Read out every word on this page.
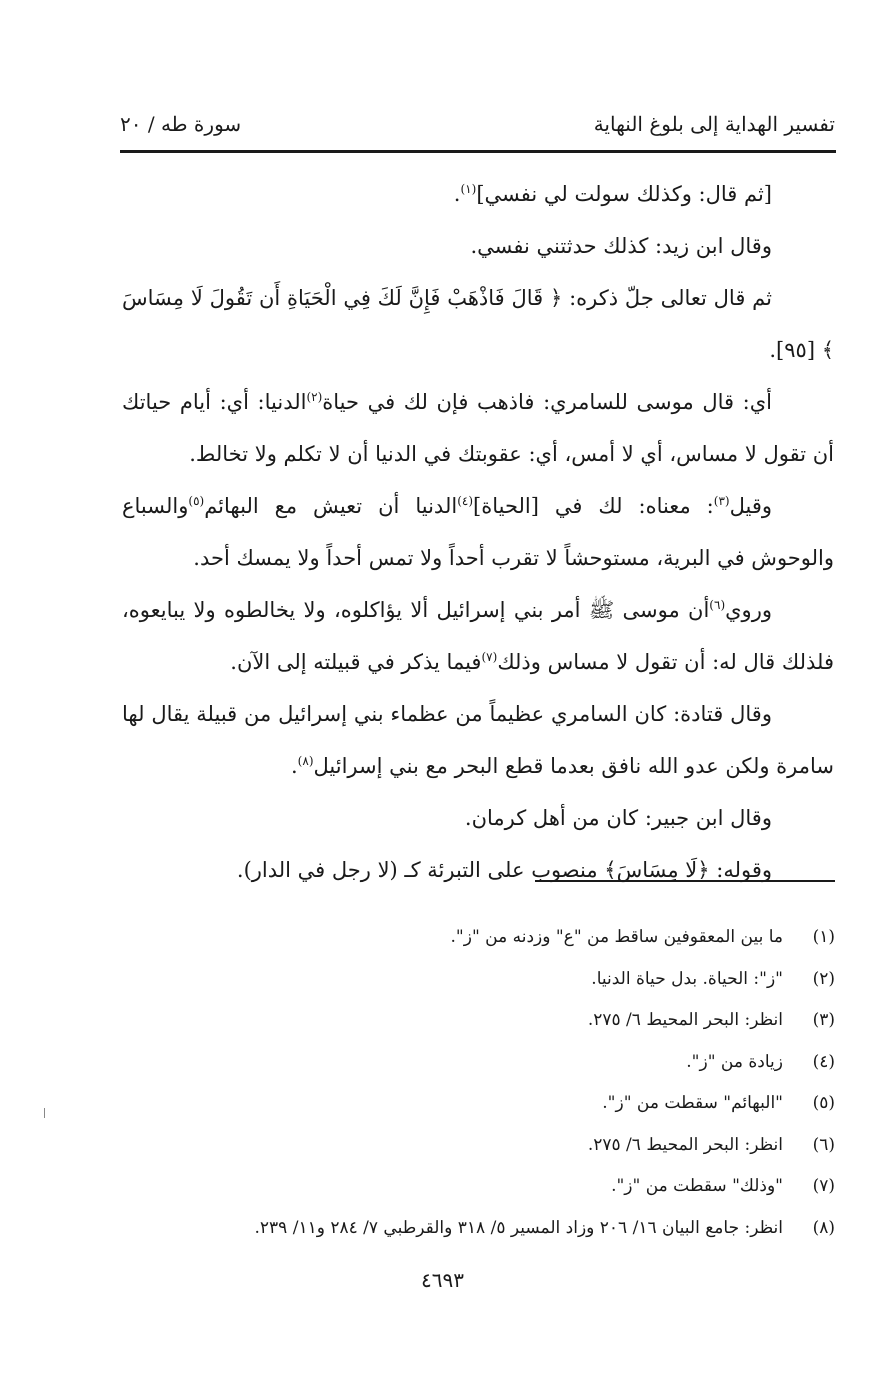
تفسير الهداية إلى بلوغ النهاية
سورة طه / ٢٠

[ثم قال: وكذلك سولت لي نفسي]$^{(١)}$.

وقال ابن زيد: كذلك حدثتني نفسي.

ثم قال تعالى جلّ ذكره: ﴿ قَالَ فَاذْهَبْ فَإِنَّ لَكَ فِي الْحَيَاةِ أَن تَقُولَ لَا مِسَاسَ ﴾ [٩٥].

أي: قال موسى للسامري: فاذهب فإن لك في حياة$^{(٢)}$الدنيا: أي: أيام حياتك أن تقول لا مساس، أي لا أمس، أي: عقوبتك في الدنيا أن لا تكلم ولا تخالط.

وقيل$^{(٣)}$: معناه: لك في [الحياة]$^{(٤)}$الدنيا أن تعيش مع البهائم$^{(٥)}$والسباع والوحوش في البرية، مستوحشاً لا تقرب أحداً ولا تمس أحداً ولا يمسك أحد.

وروي$^{(٦)}$أن موسى ﷺ أمر بني إسرائيل ألا يؤاكلوه، ولا يخالطوه ولا يبايعوه، فلذلك قال له: أن تقول لا مساس وذلك$^{(٧)}$فيما يذكر في قبيلته إلى الآن.

وقال قتادة: كان السامري عظيماً من عظماء بني إسرائيل من قبيلة يقال لها سامرة ولكن عدو الله نافق بعدما قطع البحر مع بني إسرائيل$^{(٨)}$.

وقال ابن جبير: كان من أهل كرمان.

وقوله: ﴿لَا مِسَاسَ﴾ منصوب على التبرئة كـ (لا رجل في الدار).

(١)ما بين المعقوفين ساقط من "ع" وزدنه من "ز".
(٢)"ز": الحياة. بدل حياة الدنيا.
(٣)انظر: البحر المحيط ٦/ ٢٧٥.
(٤)زيادة من "ز".
(٥)"البهائم" سقطت من "ز".
(٦)انظر: البحر المحيط ٦/ ٢٧٥.
(٧)"وذلك" سقطت من "ز".
(٨)انظر: جامع البيان ١٦/ ٢٠٦ وزاد المسير ٥/ ٣١٨ والقرطبي ٧/ ٢٨٤ و١١/ ٢٣٩.
٤٦٩٣
